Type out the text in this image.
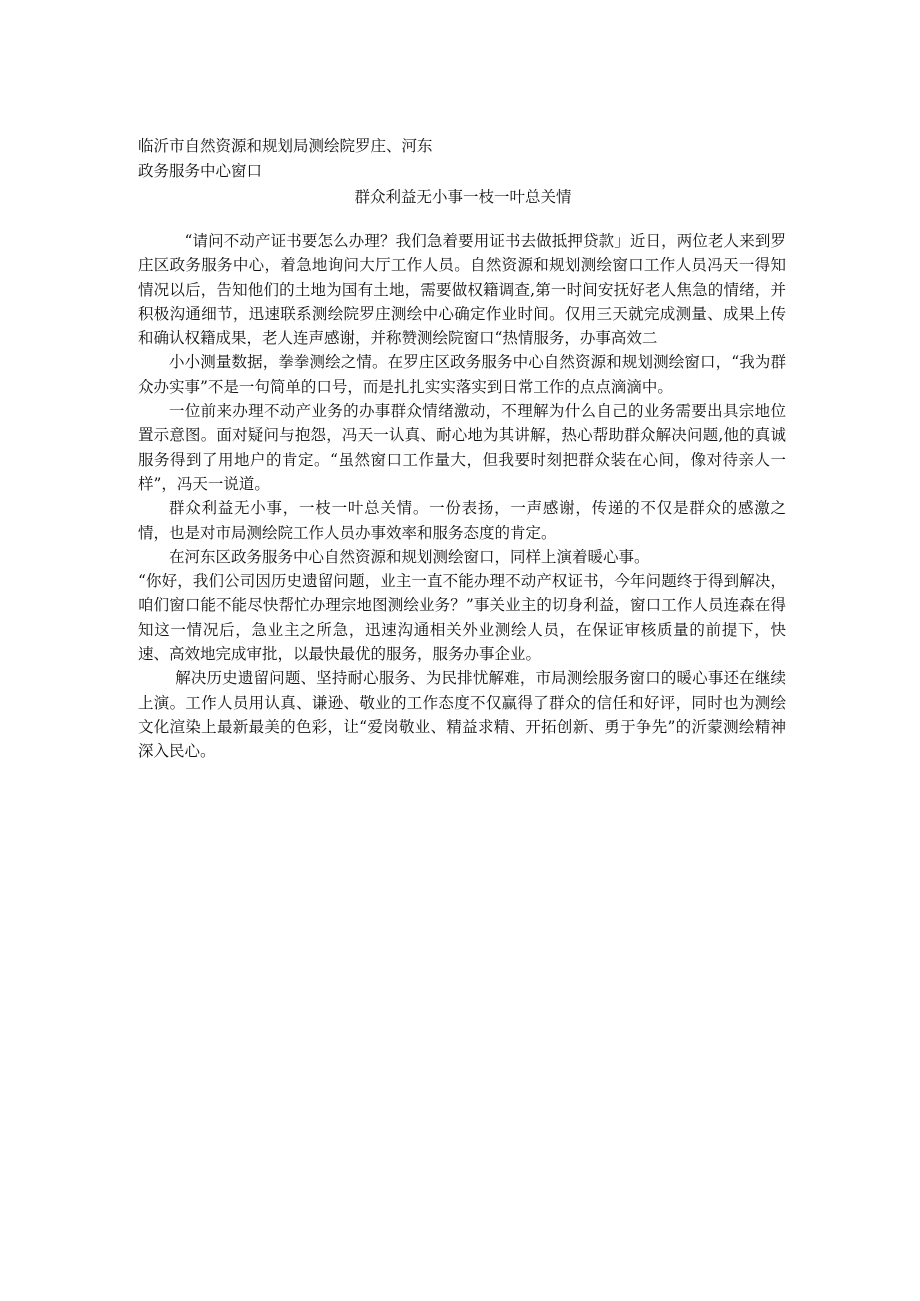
临沂市自然资源和规划局测绘院罗庄、河东
政务服务中心窗口
群众利益无小事一枝一叶总关情

“请问不动产证书要怎么办理？我们急着要用证书去做抵押贷款」近日，两位老人来到罗庄区政务服务中心，着急地询问大厅工作人员。自然资源和规划测绘窗口工作人员冯天一得知情况以后，告知他们的土地为国有土地，需要做权籍调查,第一时间安抚好老人焦急的情绪，并积极沟通细节，迅速联系测绘院罗庄测绘中心确定作业时间。仅用三天就完成测量、成果上传和确认权籍成果，老人连声感谢，并称赞测绘院窗口“热情服务，办事高效二

小小测量数据，拳拳测绘之情。在罗庄区政务服务中心自然资源和规划测绘窗口，“我为群众办实事”不是一句简单的口号，而是扎扎实实落实到日常工作的点点滴滴中。

一位前来办理不动产业务的办事群众情绪激动，不理解为什么自己的业务需要出具宗地位置示意图。面对疑问与抱怨，冯天一认真、耐心地为其讲解，热心帮助群众解决问题,他的真诚服务得到了用地户的肯定。“虽然窗口工作量大，但我要时刻把群众装在心间，像对待亲人一样”，冯天一说道。

群众利益无小事，一枝一叶总关情。一份表扬，一声感谢，传递的不仅是群众的感激之情，也是对市局测绘院工作人员办事效率和服务态度的肯定。

在河东区政务服务中心自然资源和规划测绘窗口，同样上演着暖心事。

“你好，我们公司因历史遗留问题，业主一直不能办理不动产权证书，今年问题终于得到解决，咱们窗口能不能尽快帮忙办理宗地图测绘业务？”事关业主的切身利益，窗口工作人员连森在得知这一情况后，急业主之所急，迅速沟通相关外业测绘人员，在保证审核质量的前提下，快速、高效地完成审批，以最快最优的服务，服务办事企业。

解决历史遗留问题、坚持耐心服务、为民排忧解难，市局测绘服务窗口的暖心事还在继续上演。工作人员用认真、谦逊、敬业的工作态度不仅赢得了群众的信任和好评，同时也为测绘文化渲染上最新最美的色彩，让“爱岗敬业、精益求精、开拓创新、勇于争先”的沂蒙测绘精神深入民心。
